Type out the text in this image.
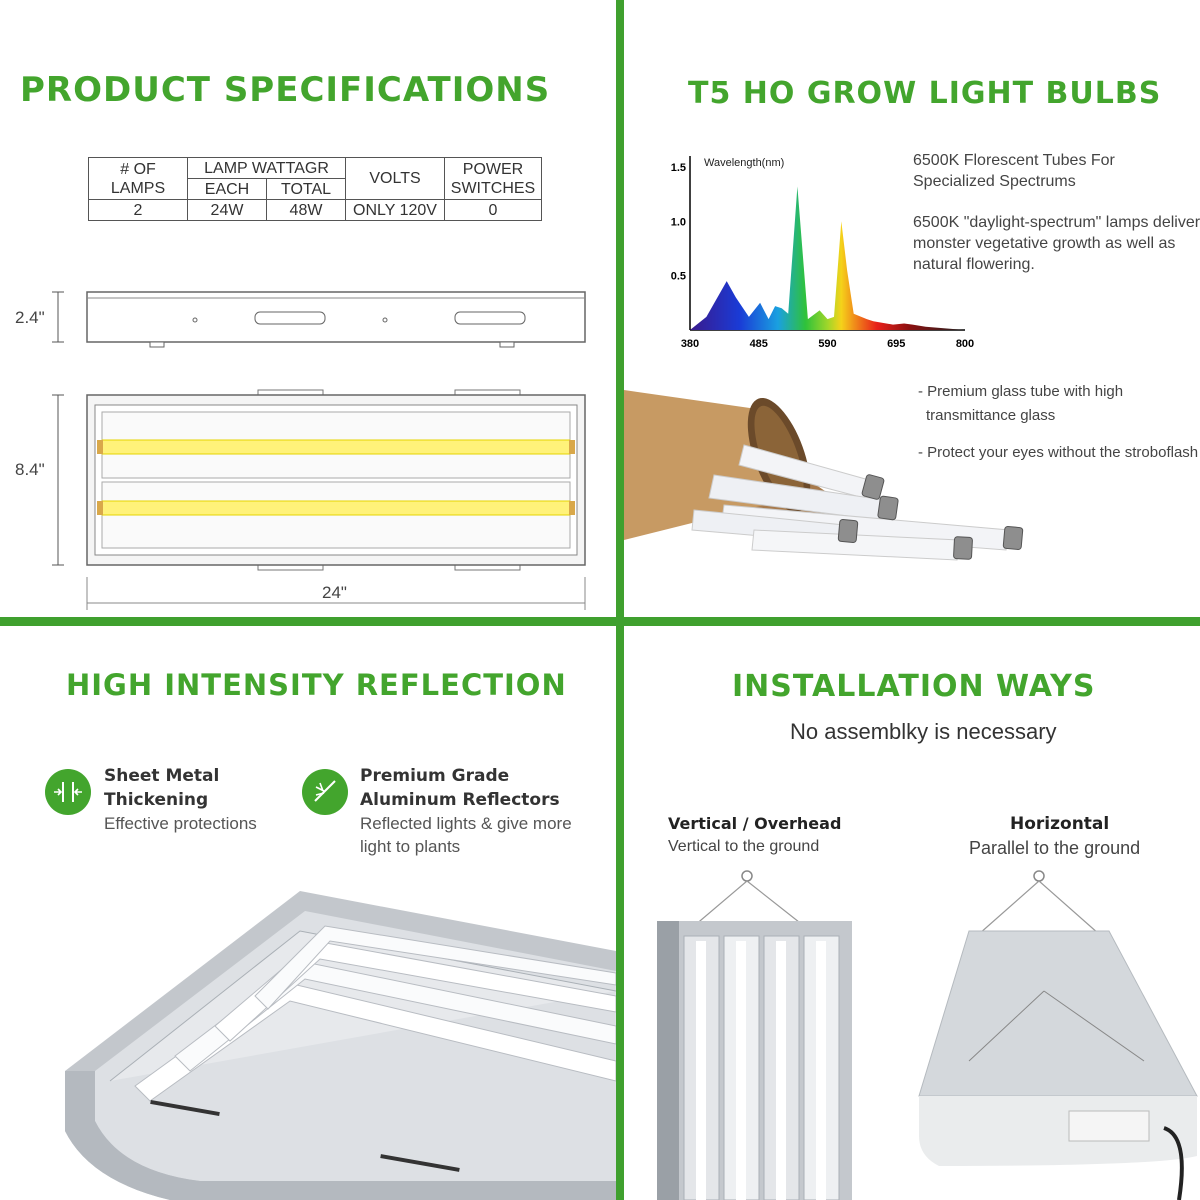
PRODUCT SPECIFICATIONS
# OF LAMPS	LAMP WATTAGR		VOLTS	POWER SWITCHES
	EACH	TOTAL		
2	24W	48W	ONLY 120V	0
2.4"
8.4"
24"
T5 HO GROW LIGHT BULBS
Wavelength(nm)
380	485	590	695	800
0.5
1.0
1.5	6500K Florescent Tubes For Specialized Spectrums
6500K "daylight-spectrum" lamps deliver monster vegetative growth as well as natural flowering.
- Premium glass tube with high
transmittance glass
- Protect your eyes without the stroboflash
HIGH INTENSITY REFLECTION
Sheet Metal
Thickening
Effective protections
Premium Grade
Aluminum Reflectors
Reflected lights & give more
light to plants
INSTALLATION WAYS
No assemblky is necessary
Vertical / Overhead
Vertical to the ground
Horizontal
Parallel to the ground
